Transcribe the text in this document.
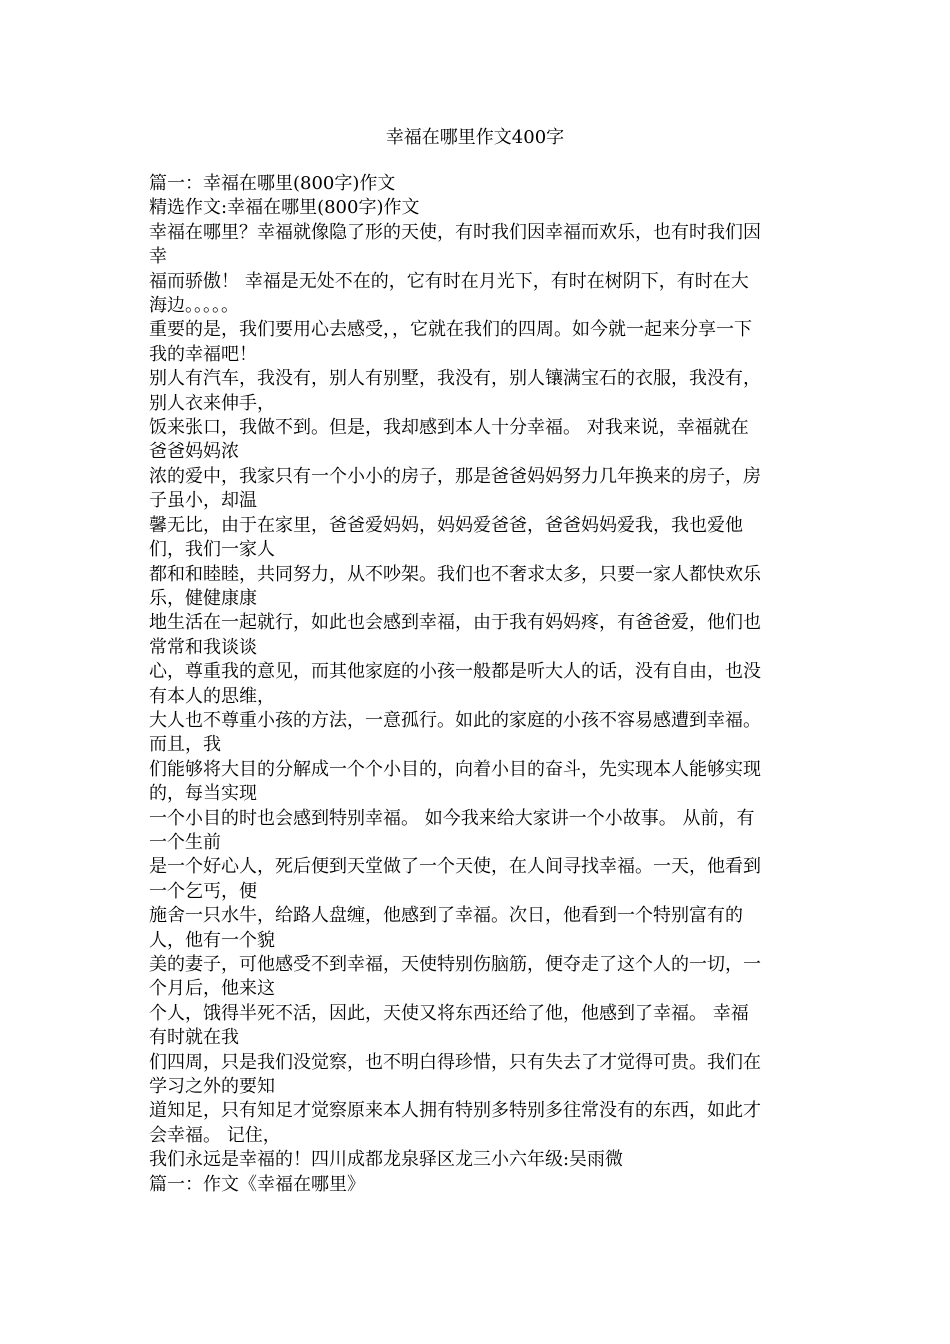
幸福在哪里作文400字
篇一：幸福在哪里(800字)作文
精选作文:幸福在哪里(800字)作文
幸福在哪里？幸福就像隐了形的天使，有时我们因幸福而欢乐，也有时我们因
幸
福而骄傲！ 幸福是无处不在的，它有时在月光下，有时在树阴下，有时在大
海边。。。。。
重要的是，我们要用心去感受，，它就在我们的四周。如今就一起来分享一下
我的幸福吧！
别人有汽车，我没有，别人有别墅，我没有，别人镶满宝石的衣服，我没有，
别人衣来伸手，
饭来张口，我做不到。但是，我却感到本人十分幸福。 对我来说，幸福就在
爸爸妈妈浓
浓的爱中，我家只有一个小小的房子，那是爸爸妈妈努力几年换来的房子，房
子虽小，却温
馨无比，由于在家里，爸爸爱妈妈，妈妈爱爸爸，爸爸妈妈爱我，我也爱他
们，我们一家人
都和和睦睦，共同努力，从不吵架。我们也不奢求太多，只要一家人都快欢乐
乐，健健康康
地生活在一起就行，如此也会感到幸福，由于我有妈妈疼，有爸爸爱，他们也
常常和我谈谈
心，尊重我的意见，而其他家庭的小孩一般都是听大人的话，没有自由，也没
有本人的思维，
大人也不尊重小孩的方法，一意孤行。如此的家庭的小孩不容易感遭到幸福。
而且，我
们能够将大目的分解成一个个小目的，向着小目的奋斗，先实现本人能够实现
的，每当实现
一个小目的时也会感到特别幸福。 如今我来给大家讲一个小故事。 从前，有
一个生前
是一个好心人，死后便到天堂做了一个天使，在人间寻找幸福。一天，他看到
一个乞丐，便
施舍一只水牛，给路人盘缠，他感到了幸福。次日，他看到一个特别富有的
人，他有一个貌
美的妻子，可他感受不到幸福，天使特别伤脑筋，便夺走了这个人的一切，一
个月后，他来这
个人，饿得半死不活，因此，天使又将东西还给了他，他感到了幸福。 幸福
有时就在我
们四周，只是我们没觉察，也不明白得珍惜，只有失去了才觉得可贵。我们在
学习之外的要知
道知足，只有知足才觉察原来本人拥有特别多特别多往常没有的东西，如此才
会幸福。 记住，
我们永远是幸福的！四川成都龙泉驿区龙三小六年级:吴雨微
篇一：作文《幸福在哪里》
